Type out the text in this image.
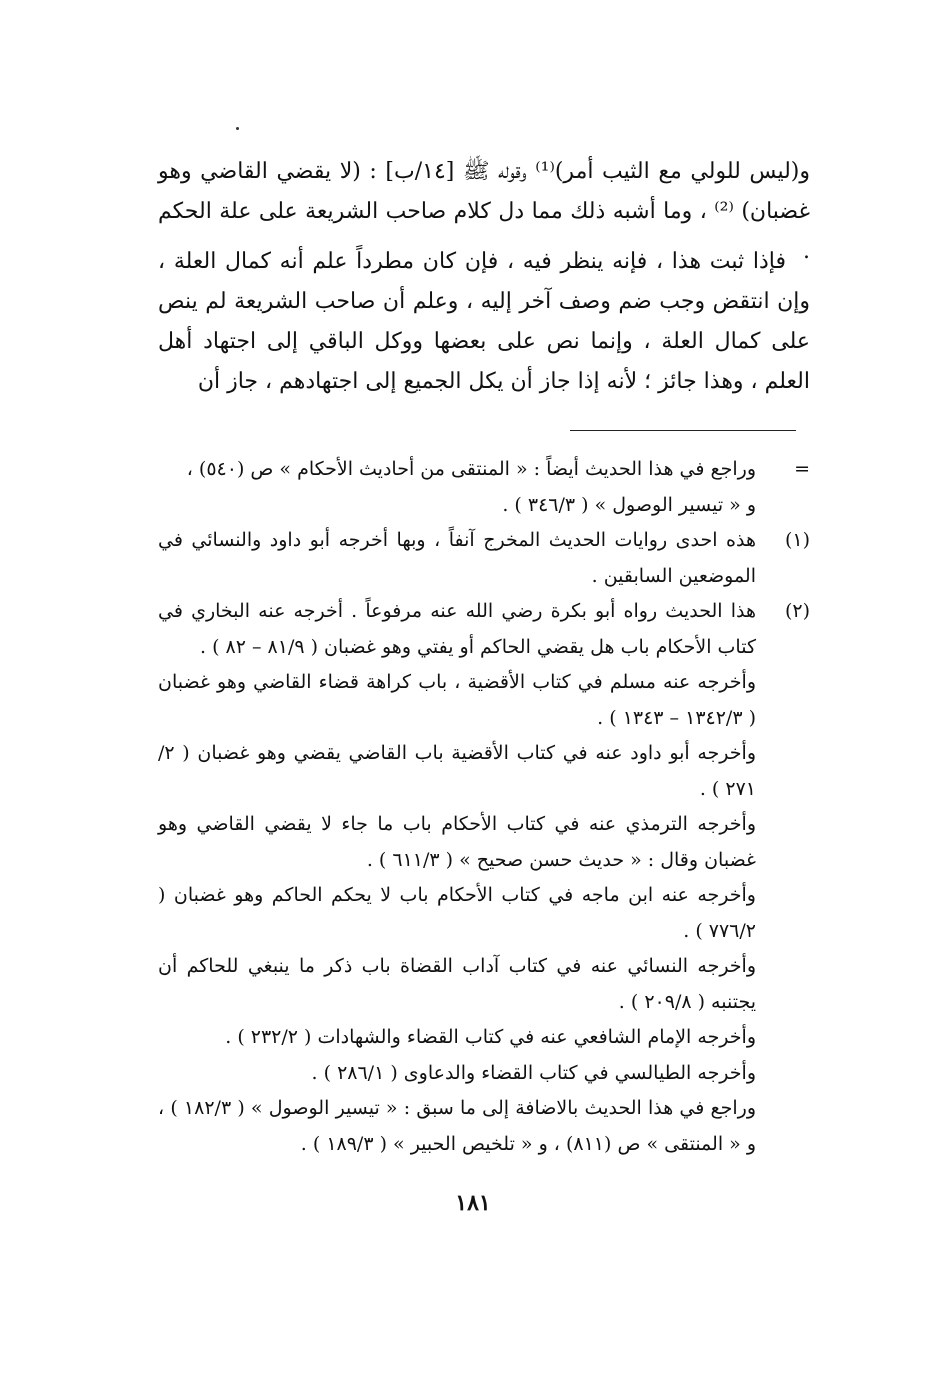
و(ليس للولي مع الثيب أمر)⁽¹⁾ وقوله ﷺ [١٤/ب] : (لا يقضي القاضي وهو غضبان) ⁽²⁾ ، وما أشبه ذلك مما دل كلام صاحب الشريعة على علة الحكم .

فإذا ثبت هذا ، فإنه ينظر فيه ، فإن كان مطرداً علم أنه كمال العلة ، وإن انتقض وجب ضم وصف آخر إليه ، وعلم أن صاحب الشريعة لم ينص على كمال العلة ، وإنما نص على بعضها ووكل الباقي إلى اجتهاد أهل العلم ، وهذا جائز ؛ لأنه إذا جاز أن يكل الجميع إلى اجتهادهم ، جاز أن

=
وراجع في هذا الحديث أيضاً : « المنتقى من أحاديث الأحكام » ص (٥٤٠) ،
و « تيسير الوصول » ( ٣٤٦/٣ ) .
(١)
هذه احدى روايات الحديث المخرج آنفاً ، وبها أخرجه أبو داود والنسائي في الموضعين السابقين .
(٢)
هذا الحديث رواه أبو بكرة رضي الله عنه مرفوعاً . أخرجه عنه البخاري في كتاب الأحكام باب هل يقضي الحاكم أو يفتي وهو غضبان ( ٨١/٩ – ٨٢ ) .
وأخرجه عنه مسلم في كتاب الأقضية ، باب كراهة قضاء القاضي وهو غضبان ( ١٣٤٢/٣ – ١٣٤٣ ) .
وأخرجه أبو داود عنه في كتاب الأقضية باب القاضي يقضي وهو غضبان ( ٢/ ٢٧١ ) .
وأخرجه الترمذي عنه في كتاب الأحكام باب ما جاء لا يقضي القاضي وهو غضبان وقال : « حديث حسن صحيح » ( ٦١١/٣ ) .
وأخرجه عنه ابن ماجه في كتاب الأحكام باب لا يحكم الحاكم وهو غضبان ( ٧٧٦/٢ ) .
وأخرجه النسائي عنه في كتاب آداب القضاة باب ذكر ما ينبغي للحاكم أن يجتنبه ( ٢٠٩/٨ ) .
وأخرجه الإمام الشافعي عنه في كتاب القضاء والشهادات ( ٢٣٢/٢ ) .
وأخرجه الطيالسي في كتاب القضاء والدعاوى ( ٢٨٦/١ ) .
وراجع في هذا الحديث بالاضافة إلى ما سبق : « تيسير الوصول » ( ١٨٢/٣ ) ، و « المنتقى » ص (٨١١) ، و « تلخيص الحبير » ( ١٨٩/٣ ) .
١٨١
